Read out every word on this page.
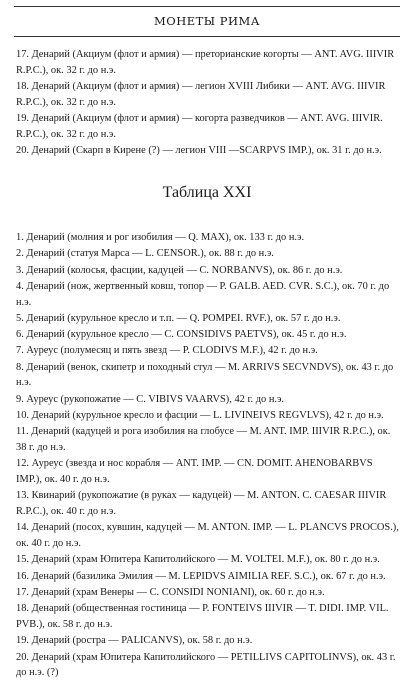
МОНЕТЫ РИМА
17. Денарий (Акциум (флот и армия) — преторианские когорты — ANT. AVG. IIIVIR R.P.C.), ок. 32 г. до н.э.
18. Денарий (Акциум (флот и армия) — легион XVIII Либики — ANT. AVG. IIIVIR R.P.C.), ок. 32 г. до н.э.
19. Денарий (Акциум (флот и армия) — когорта разведчиков — ANT. AVG. IIIVIR. R.P.C.), ок. 32 г. до н.э.
20. Денарий (Скарп в Кирене (?) — легион VIII —SCARPVS IMP.), ок. 31 г. до н.э.
Таблица XXI
1. Денарий (молния и рог изобилия — Q. MAX), ок. 133 г. до н.э.
2. Денарий (статуя Марса — L. CENSOR.), ок. 88 г. до н.э.
3. Денарий (колосья, фасции, кадуцей — C. NORBANVS), ок. 86 г. до н.э.
4. Денарий (нож, жертвенный ковш, топор — P. GALB. AED. CVR. S.C.), ок. 70 г. до н.э.
5. Денарий (курульное кресло и т.п. — Q. POMPEI. RVF.), ок. 57 г. до н.э.
6. Денарий (курульное кресло — C. CONSIDIVS PAETVS), ок. 45 г. до н.э.
7. Ауреус (полумесяц и пять звезд — P. CLODIVS M.F.), 42 г. до н.э.
8. Денарий (венок, скипетр и походный стул — M. ARRIVS SECVNDVS), ок. 43 г. до н.э.
9. Ауреус (рукопожатие — C. VIBIVS VAARVS), 42 г. до н.э.
10. Денарий (курульное кресло и фасции — L. LIVINEIVS REGVLVS), 42 г. до н.э.
11. Денарий (кадуцей и рога изобилия на глобусе — M. ANT. IMP. IIIVIR R.P.C.), ок. 38 г. до н.э.
12. Ауреус (звезда и нос корабля — ANT. IMP. — CN. DOMIT. AHENOBARBVS IMP.), ок. 40 г. до н.э.
13. Квинарий (рукопожатие (в руках — кадуцей) — M. ANTON. C. CAESAR IIIVIR R.P.C.), ок. 40 г. до н.э.
14. Денарий (посох, кувшин, кадуцей — M. ANTON. IMP. — L. PLANCVS PROCOS.), ок. 40 г. до н.э.
15. Денарий (храм Юпитера Капитолийского — M. VOLTEI. M.F.), ок. 80 г. до н.э.
16. Денарий (базилика Эмилия — M. LEPIDVS AIMILIA REF. S.C.), ок. 67 г. до н.э.
17. Денарий (храм Венеры — C. CONSIDI NONIANI), ок. 60 г. до н.э.
18. Денарий (общественная гостиница — P. FONTEIVS IIIVIR — T. DIDI. IMP. VIL. PVB.), ок. 58 г. до н.э.
19. Денарий (ростра — PALICANVS), ок. 58 г. до н.э.
20. Денарий (храм Юпитера Капитолийского — PETILLIVS CAPITOLINVS), ок. 43 г. до н.э. (?)
